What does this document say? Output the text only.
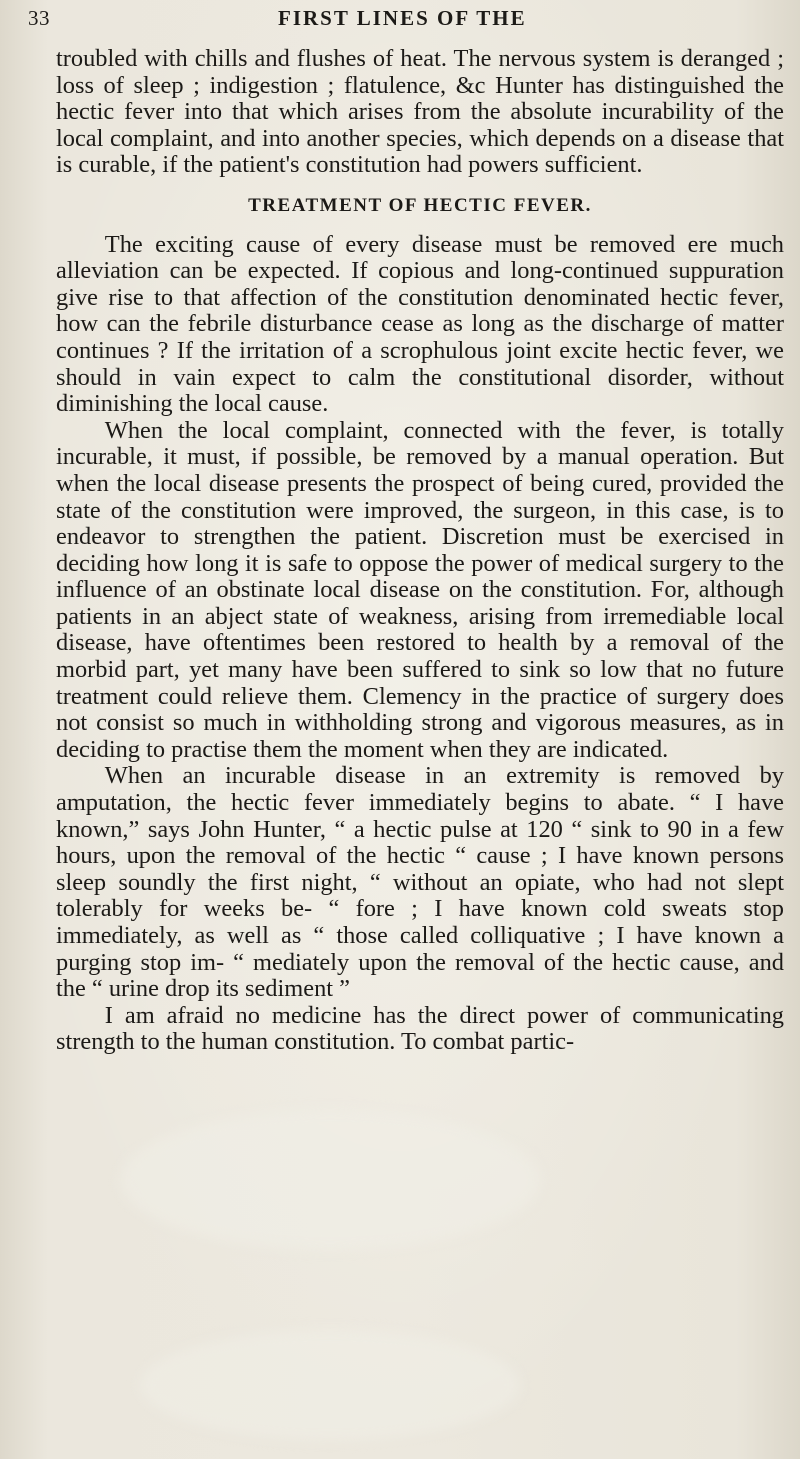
33	FIRST LINES OF THE

troubled with chills and flushes of heat. The nervous system is deranged ; loss of sleep ; indigestion ; flatulence, &c Hunter has distinguished the hectic fever into that which arises from the absolute incurability of the local complaint, and into another species, which depends on a disease that is curable, if the patient's constitution had powers sufficient.

TREATMENT OF HECTIC FEVER.

The exciting cause of every disease must be removed ere much alleviation can be expected. If copious and long-continued suppuration give rise to that affection of the constitution denominated hectic fever, how can the febrile disturbance cease as long as the discharge of matter continues ? If the irritation of a scrophulous joint excite hectic fever, we should in vain expect to calm the constitutional disorder, without diminishing the local cause.

When the local complaint, connected with the fever, is totally incurable, it must, if possible, be removed by a manual operation. But when the local disease presents the prospect of being cured, provided the state of the constitution were improved, the surgeon, in this case, is to endeavor to strengthen the patient. Discretion must be exercised in deciding how long it is safe to oppose the power of medical surgery to the influence of an obstinate local disease on the constitution. For, although patients in an abject state of weakness, arising from irremediable local disease, have oftentimes been restored to health by a removal of the morbid part, yet many have been suffered to sink so low that no future treatment could relieve them. Clemency in the practice of surgery does not consist so much in withholding strong and vigorous measures, as in deciding to practise them the moment when they are indicated.

When an incurable disease in an extremity is removed by amputation, the hectic fever immediately begins to abate. “ I have known,” says John Hunter, “ a hectic pulse at 120 “ sink to 90 in a few hours, upon the removal of the hectic “ cause ; I have known persons sleep soundly the first night, “ without an opiate, who had not slept tolerably for weeks be- “ fore ; I have known cold sweats stop immediately, as well as “ those called colliquative ; I have known a purging stop im- “ mediately upon the removal of the hectic cause, and the “ urine drop its sediment ”

I am afraid no medicine has the direct power of communicating strength to the human constitution. To combat partic-
